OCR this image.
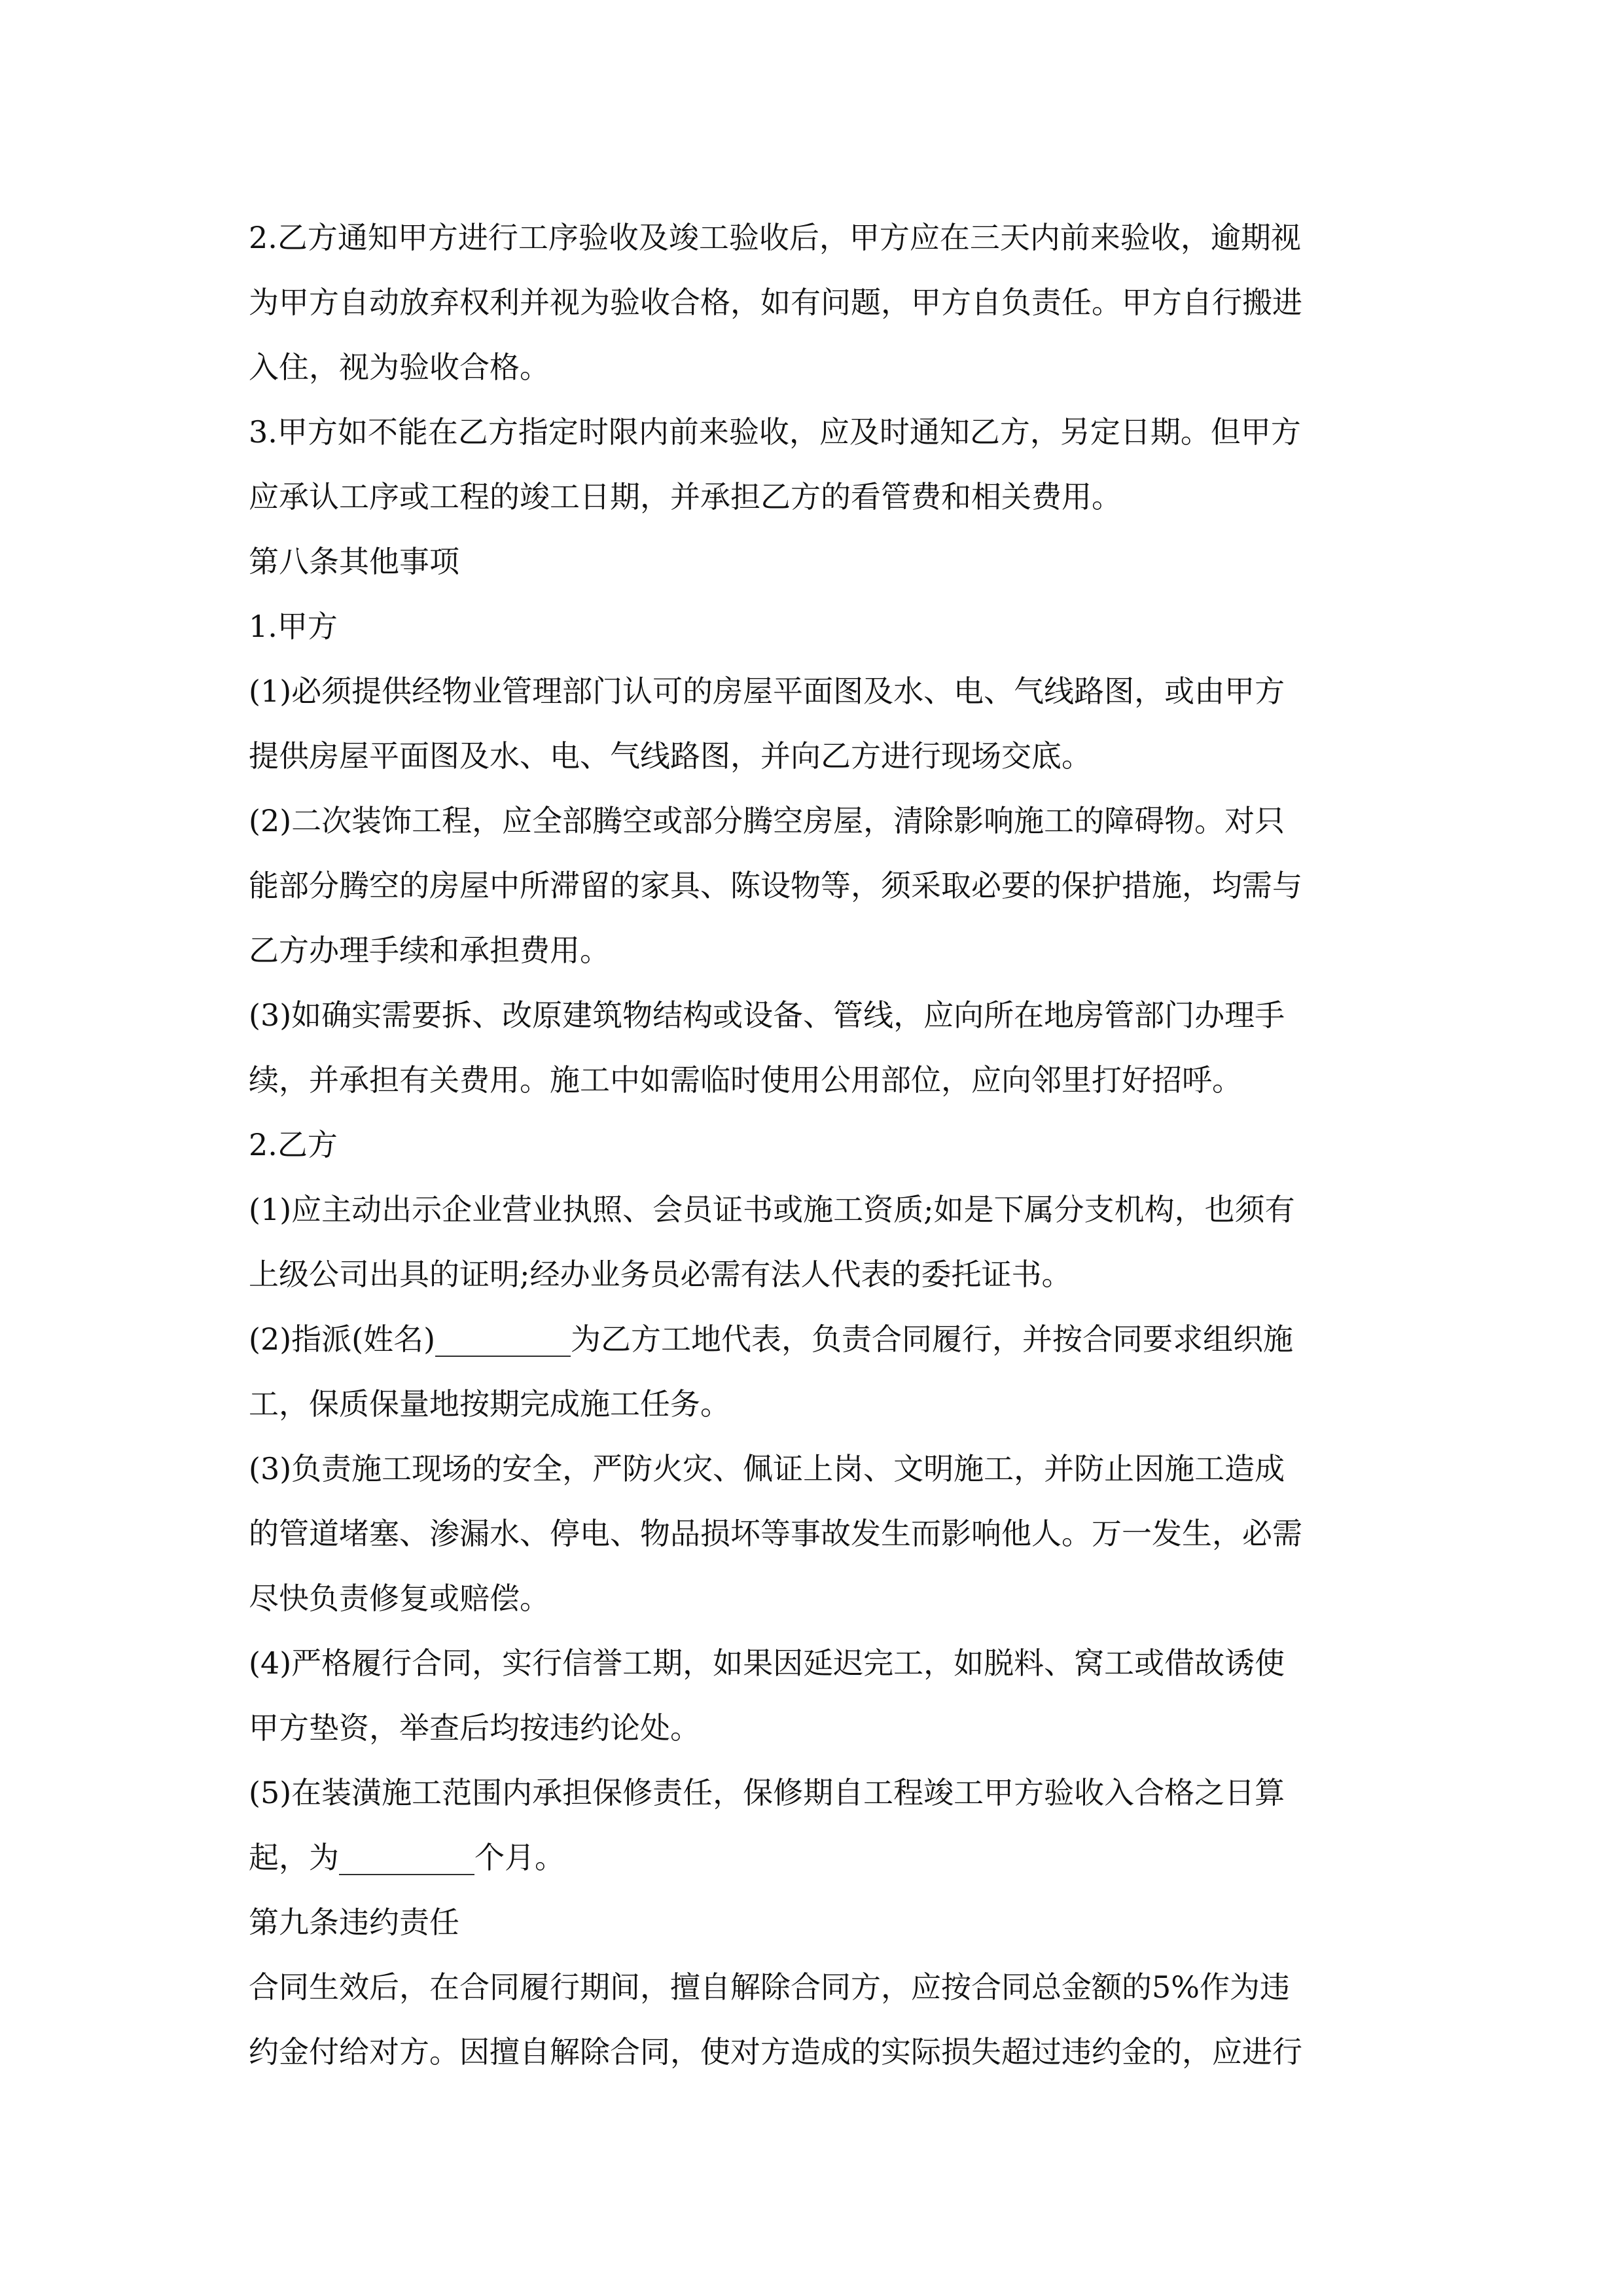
2.乙方通知甲方进行工序验收及竣工验收后，甲方应在三天内前来验收，逾期视
为甲方自动放弃权利并视为验收合格，如有问题，甲方自负责任。甲方自行搬进
入住，视为验收合格。
3.甲方如不能在乙方指定时限内前来验收，应及时通知乙方，另定日期。但甲方
应承认工序或工程的竣工日期，并承担乙方的看管费和相关费用。
第八条其他事项
1.甲方
(1)必须提供经物业管理部门认可的房屋平面图及水、电、气线路图，或由甲方
提供房屋平面图及水、电、气线路图，并向乙方进行现场交底。
(2)二次装饰工程，应全部腾空或部分腾空房屋，清除影响施工的障碍物。对只
能部分腾空的房屋中所滞留的家具、陈设物等，须采取必要的保护措施，均需与
乙方办理手续和承担费用。
(3)如确实需要拆、改原建筑物结构或设备、管线，应向所在地房管部门办理手
续，并承担有关费用。施工中如需临时使用公用部位，应向邻里打好招呼。
2.乙方
(1)应主动出示企业营业执照、会员证书或施工资质;如是下属分支机构，也须有
上级公司出具的证明;经办业务员必需有法人代表的委托证书。
(2)指派(姓名)_________为乙方工地代表，负责合同履行，并按合同要求组织施
工，保质保量地按期完成施工任务。
(3)负责施工现场的安全，严防火灾、佩证上岗、文明施工，并防止因施工造成
的管道堵塞、渗漏水、停电、物品损坏等事故发生而影响他人。万一发生，必需
尽快负责修复或赔偿。
(4)严格履行合同，实行信誉工期，如果因延迟完工，如脱料、窝工或借故诱使
甲方垫资，举查后均按违约论处。
(5)在装潢施工范围内承担保修责任，保修期自工程竣工甲方验收入合格之日算
起，为_________个月。
第九条违约责任
合同生效后，在合同履行期间，擅自解除合同方，应按合同总金额的5%作为违
约金付给对方。因擅自解除合同，使对方造成的实际损失超过违约金的，应进行
